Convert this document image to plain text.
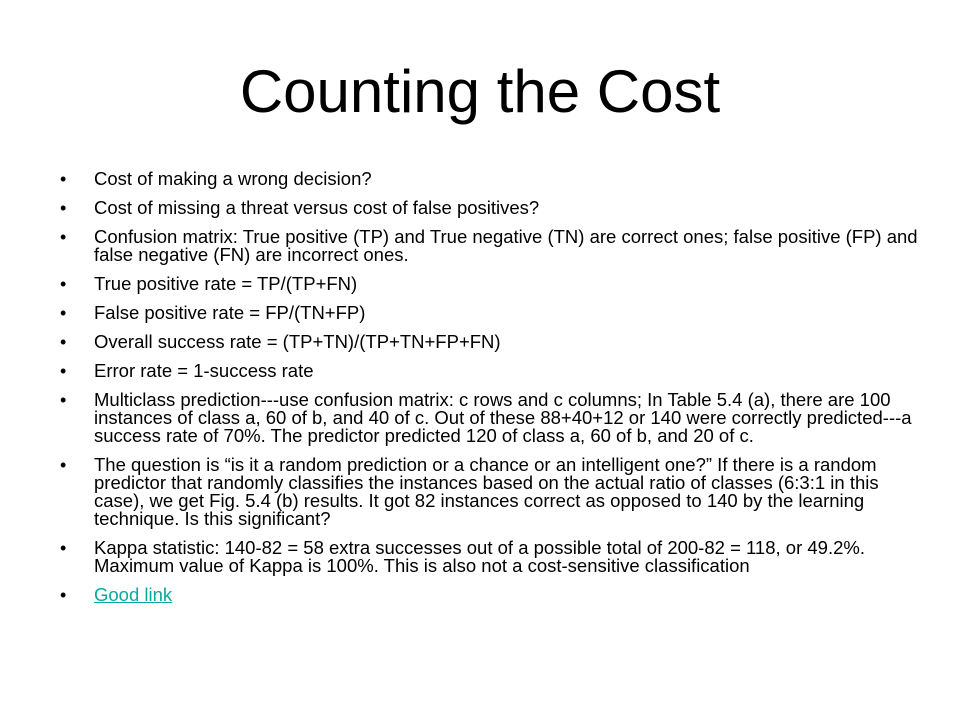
Counting the Cost
• Cost of making a wrong decision?
• Cost of missing a threat versus cost of false positives?
• Confusion matrix: True positive (TP) and True negative (TN) are correct ones; false positive (FP) and false negative (FN) are incorrect ones.
• True positive rate = TP/(TP+FN)
• False positive rate = FP/(TN+FP)
• Overall success rate = (TP+TN)/(TP+TN+FP+FN)
• Error rate = 1-success rate
• Multiclass prediction---use confusion matrix: c rows and c columns; In Table 5.4 (a), there are 100 instances of class a, 60 of b, and 40 of c. Out of these 88+40+12 or 140 were correctly predicted---a success rate of 70%. The predictor predicted 120 of class a, 60 of b, and 20 of c.
• The question is “is it a random prediction or a chance or an intelligent one?” If there is a random predictor that randomly classifies the instances based on the actual ratio of classes (6:3:1 in this case), we get Fig. 5.4 (b) results. It got 82 instances correct as opposed to 140 by the learning technique. Is this significant?
• Kappa statistic: 140-82 = 58 extra successes out of a possible total of 200-82 = 118, or 49.2%. Maximum value of Kappa is 100%. This is also not a cost-sensitive classification
• Good link
